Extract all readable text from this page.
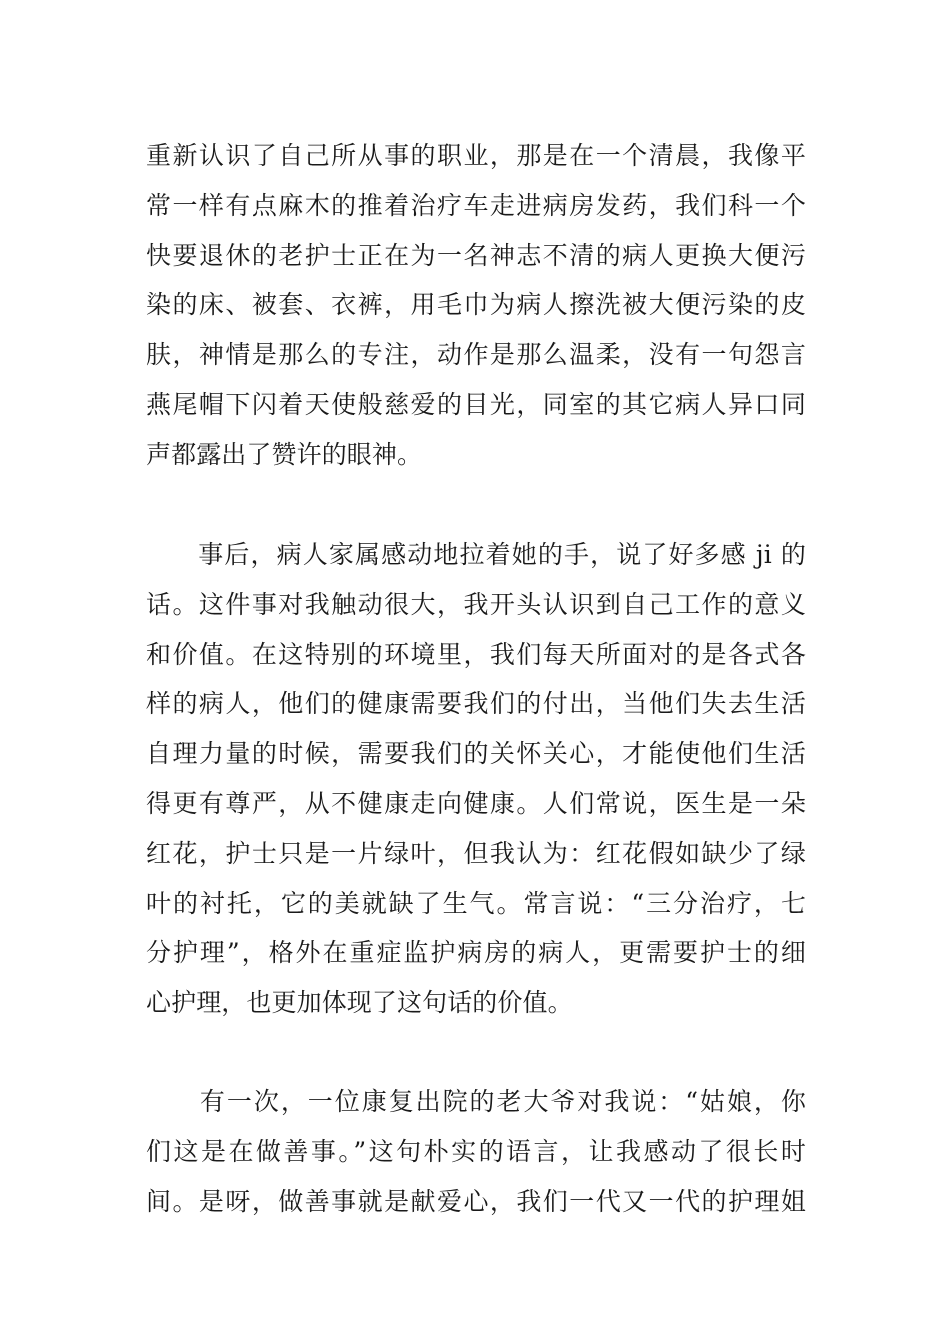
重新认识了自己所从事的职业，那是在一个清晨，我像平
常一样有点麻木的推着治疗车走进病房发药，我们科一个
快要退休的老护士正在为一名神志不清的病人更换大便污
染的床、被套、衣裤，用毛巾为病人擦洗被大便污染的皮
肤，神情是那么的专注，动作是那么温柔，没有一句怨言
燕尾帽下闪着天使般慈爱的目光，同室的其它病人异口同
声都露出了赞许的眼神。
　　事后，病人家属感动地拉着她的手，说了好多感 ji 的
话。这件事对我触动很大，我开头认识到自己工作的意义
和价值。在这特别的环境里，我们每天所面对的是各式各
样的病人，他们的健康需要我们的付出，当他们失去生活
自理力量的时候，需要我们的关怀关心，才能使他们生活
得更有尊严，从不健康走向健康。人们常说，医生是一朵
红花，护士只是一片绿叶，但我认为：红花假如缺少了绿
叶的衬托，它的美就缺了生气。常言说：“三分治疗，七
分护理”，格外在重症监护病房的病人，更需要护士的细
心护理，也更加体现了这句话的价值。
　　有一次，一位康复出院的老大爷对我说：“姑娘，你
们这是在做善事。”这句朴实的语言，让我感动了很长时
间。是呀，做善事就是献爱心，我们一代又一代的护理姐
